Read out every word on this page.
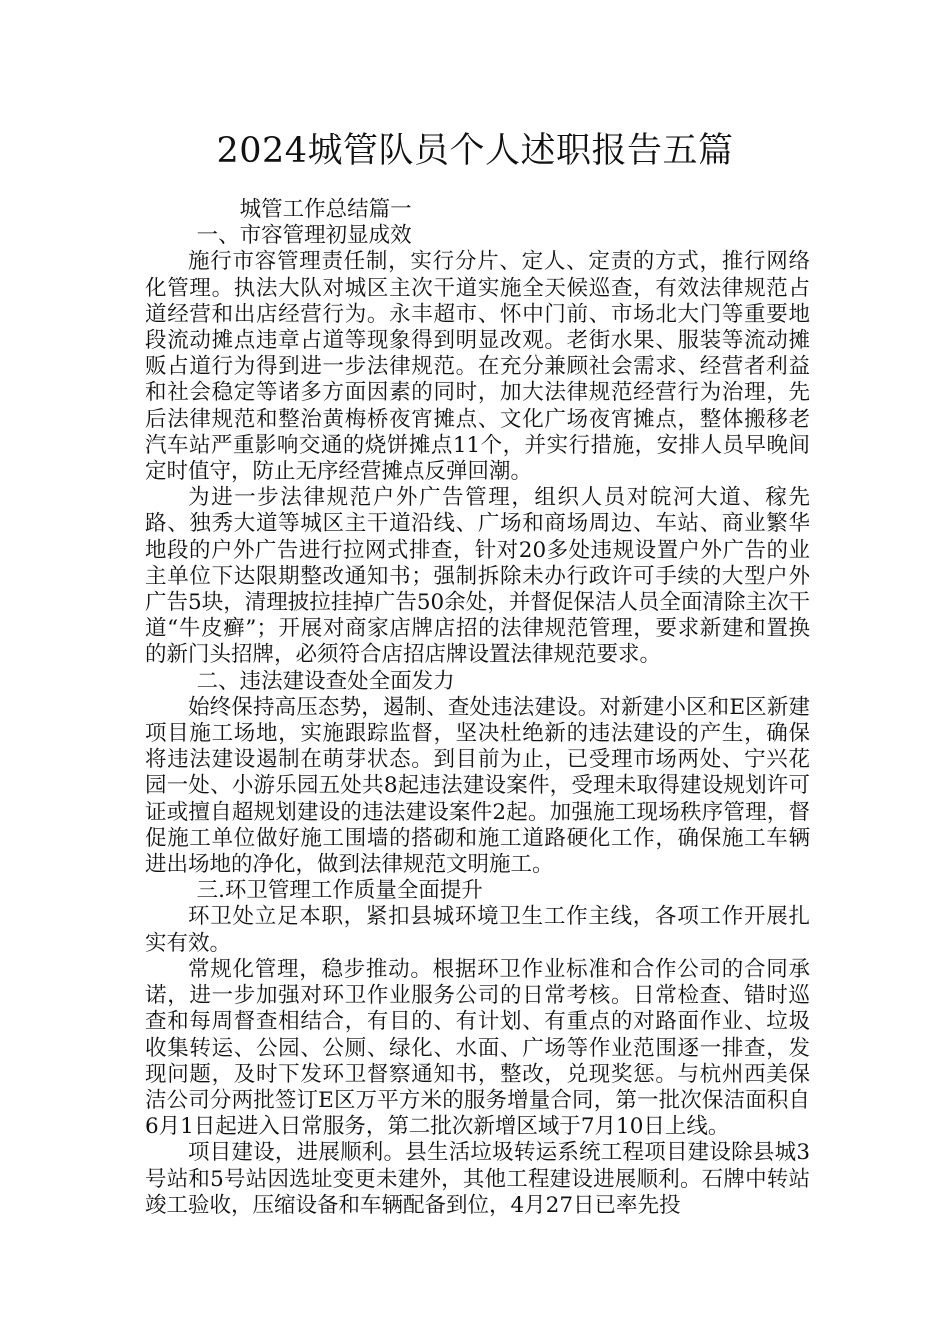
2024城管队员个人述职报告五篇

城管工作总结篇一

一、市容管理初显成效

施行市容管理责任制，实行分片、定人、定责的方式，推行网络化管理。执法大队对城区主次干道实施全天候巡查，有效法律规范占道经营和出店经营行为。永丰超市、怀中门前、市场北大门等重要地段流动摊点违章占道等现象得到明显改观。老街水果、服装等流动摊贩占道行为得到进一步法律规范。在充分兼顾社会需求、经营者利益和社会稳定等诸多方面因素的同时，加大法律规范经营行为治理，先后法律规范和整治黄梅桥夜宵摊点、文化广场夜宵摊点，整体搬移老汽车站严重影响交通的烧饼摊点11个，并实行措施，安排人员早晚间定时值守，防止无序经营摊点反弹回潮。

为进一步法律规范户外广告管理，组织人员对皖河大道、稼先路、独秀大道等城区主干道沿线、广场和商场周边、车站、商业繁华地段的户外广告进行拉网式排查，针对20多处违规设置户外广告的业主单位下达限期整改通知书；强制拆除未办行政许可手续的大型户外广告5块，清理披拉挂掉广告50余处，并督促保洁人员全面清除主次干道“牛皮癣”；开展对商家店牌店招的法律规范管理，要求新建和置换的新门头招牌，必须符合店招店牌设置法律规范要求。

二、违法建设查处全面发力

始终保持高压态势，遏制、查处违法建设。对新建小区和E区新建项目施工场地，实施跟踪监督，坚决杜绝新的违法建设的产生，确保将违法建设遏制在萌芽状态。到目前为止，已受理市场两处、宁兴花园一处、小游乐园五处共8起违法建设案件，受理未取得建设规划许可证或擅自超规划建设的违法建设案件2起。加强施工现场秩序管理，督促施工单位做好施工围墙的搭砌和施工道路硬化工作，确保施工车辆进出场地的净化，做到法律规范文明施工。

三.环卫管理工作质量全面提升

环卫处立足本职，紧扣县城环境卫生工作主线，各项工作开展扎实有效。

常规化管理，稳步推动。根据环卫作业标准和合作公司的合同承诺，进一步加强对环卫作业服务公司的日常考核。日常检查、错时巡查和每周督查相结合，有目的、有计划、有重点的对路面作业、垃圾收集转运、公园、公厕、绿化、水面、广场等作业范围逐一排查，发现问题，及时下发环卫督察通知书，整改，兑现奖惩。与杭州西美保洁公司分两批签订E区万平方米的服务增量合同，第一批次保洁面积自6月1日起进入日常服务，第二批次新增区域于7月10日上线。

项目建设，进展顺利。县生活垃圾转运系统工程项目建设除县城3号站和5号站因选址变更未建外，其他工程建设进展顺利。石牌中转站竣工验收，压缩设备和车辆配备到位，4月27日已率先投
